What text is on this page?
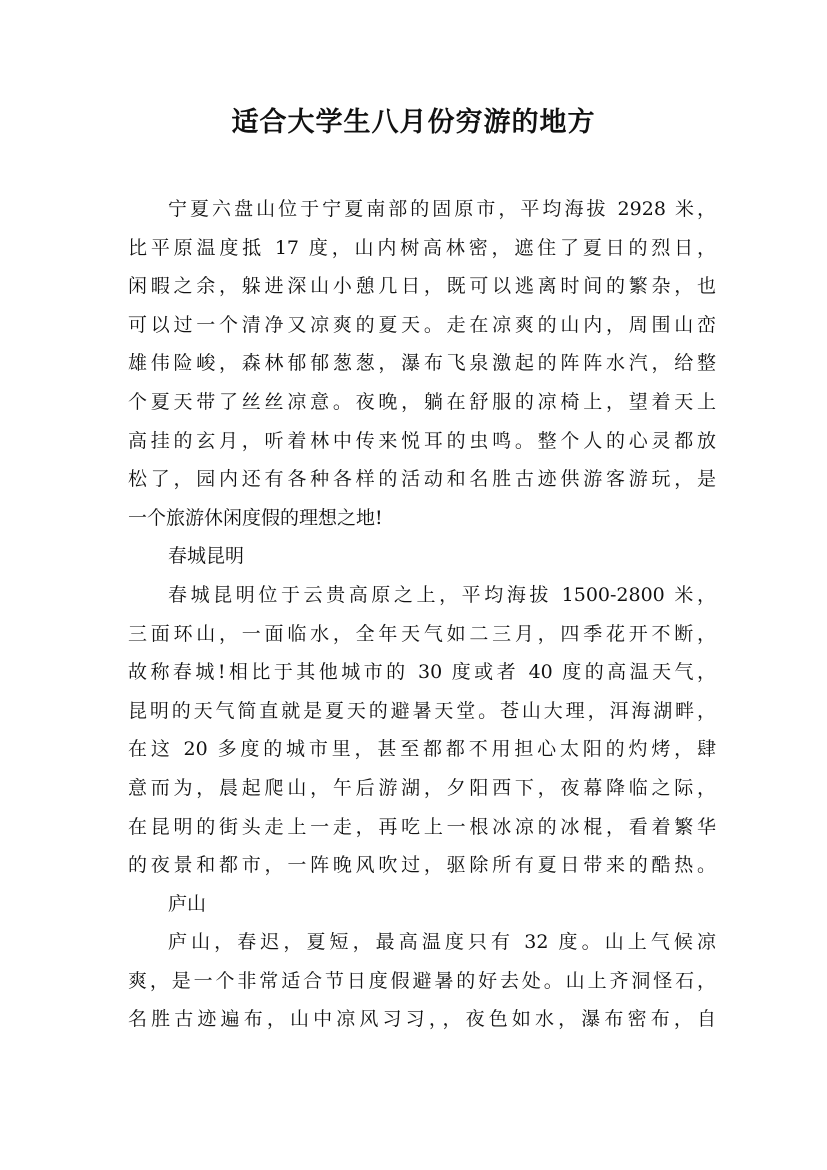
适合大学生八月份穷游的地方
宁夏六盘山位于宁夏南部的固原市，平均海拔 2928 米，
比平原温度抵 17 度，山内树高林密，遮住了夏日的烈日，
闲暇之余，躲进深山小憩几日，既可以逃离时间的繁杂，也
可以过一个清净又凉爽的夏天。走在凉爽的山内，周围山峦
雄伟险峻，森林郁郁葱葱，瀑布飞泉激起的阵阵水汽，给整
个夏天带了丝丝凉意。夜晚，躺在舒服的凉椅上，望着天上
高挂的玄月，听着林中传来悦耳的虫鸣。整个人的心灵都放
松了，园内还有各种各样的活动和名胜古迹供游客游玩，是
一个旅游休闲度假的理想之地!
春城昆明
春城昆明位于云贵高原之上，平均海拔 1500-2800 米，
三面环山，一面临水，全年天气如二三月，四季花开不断，
故称春城!相比于其他城市的 30 度或者 40 度的高温天气，
昆明的天气简直就是夏天的避暑天堂。苍山大理，洱海湖畔，
在这 20 多度的城市里，甚至都都不用担心太阳的灼烤，肆
意而为，晨起爬山，午后游湖，夕阳西下，夜幕降临之际，
在昆明的街头走上一走，再吃上一根冰凉的冰棍，看着繁华
的夜景和都市，一阵晚风吹过，驱除所有夏日带来的酷热。
庐山
庐山，春迟，夏短，最高温度只有 32 度。山上气候凉
爽，是一个非常适合节日度假避暑的好去处。山上齐洞怪石，
名胜古迹遍布，山中凉风习习，，夜色如水，瀑布密布，自
